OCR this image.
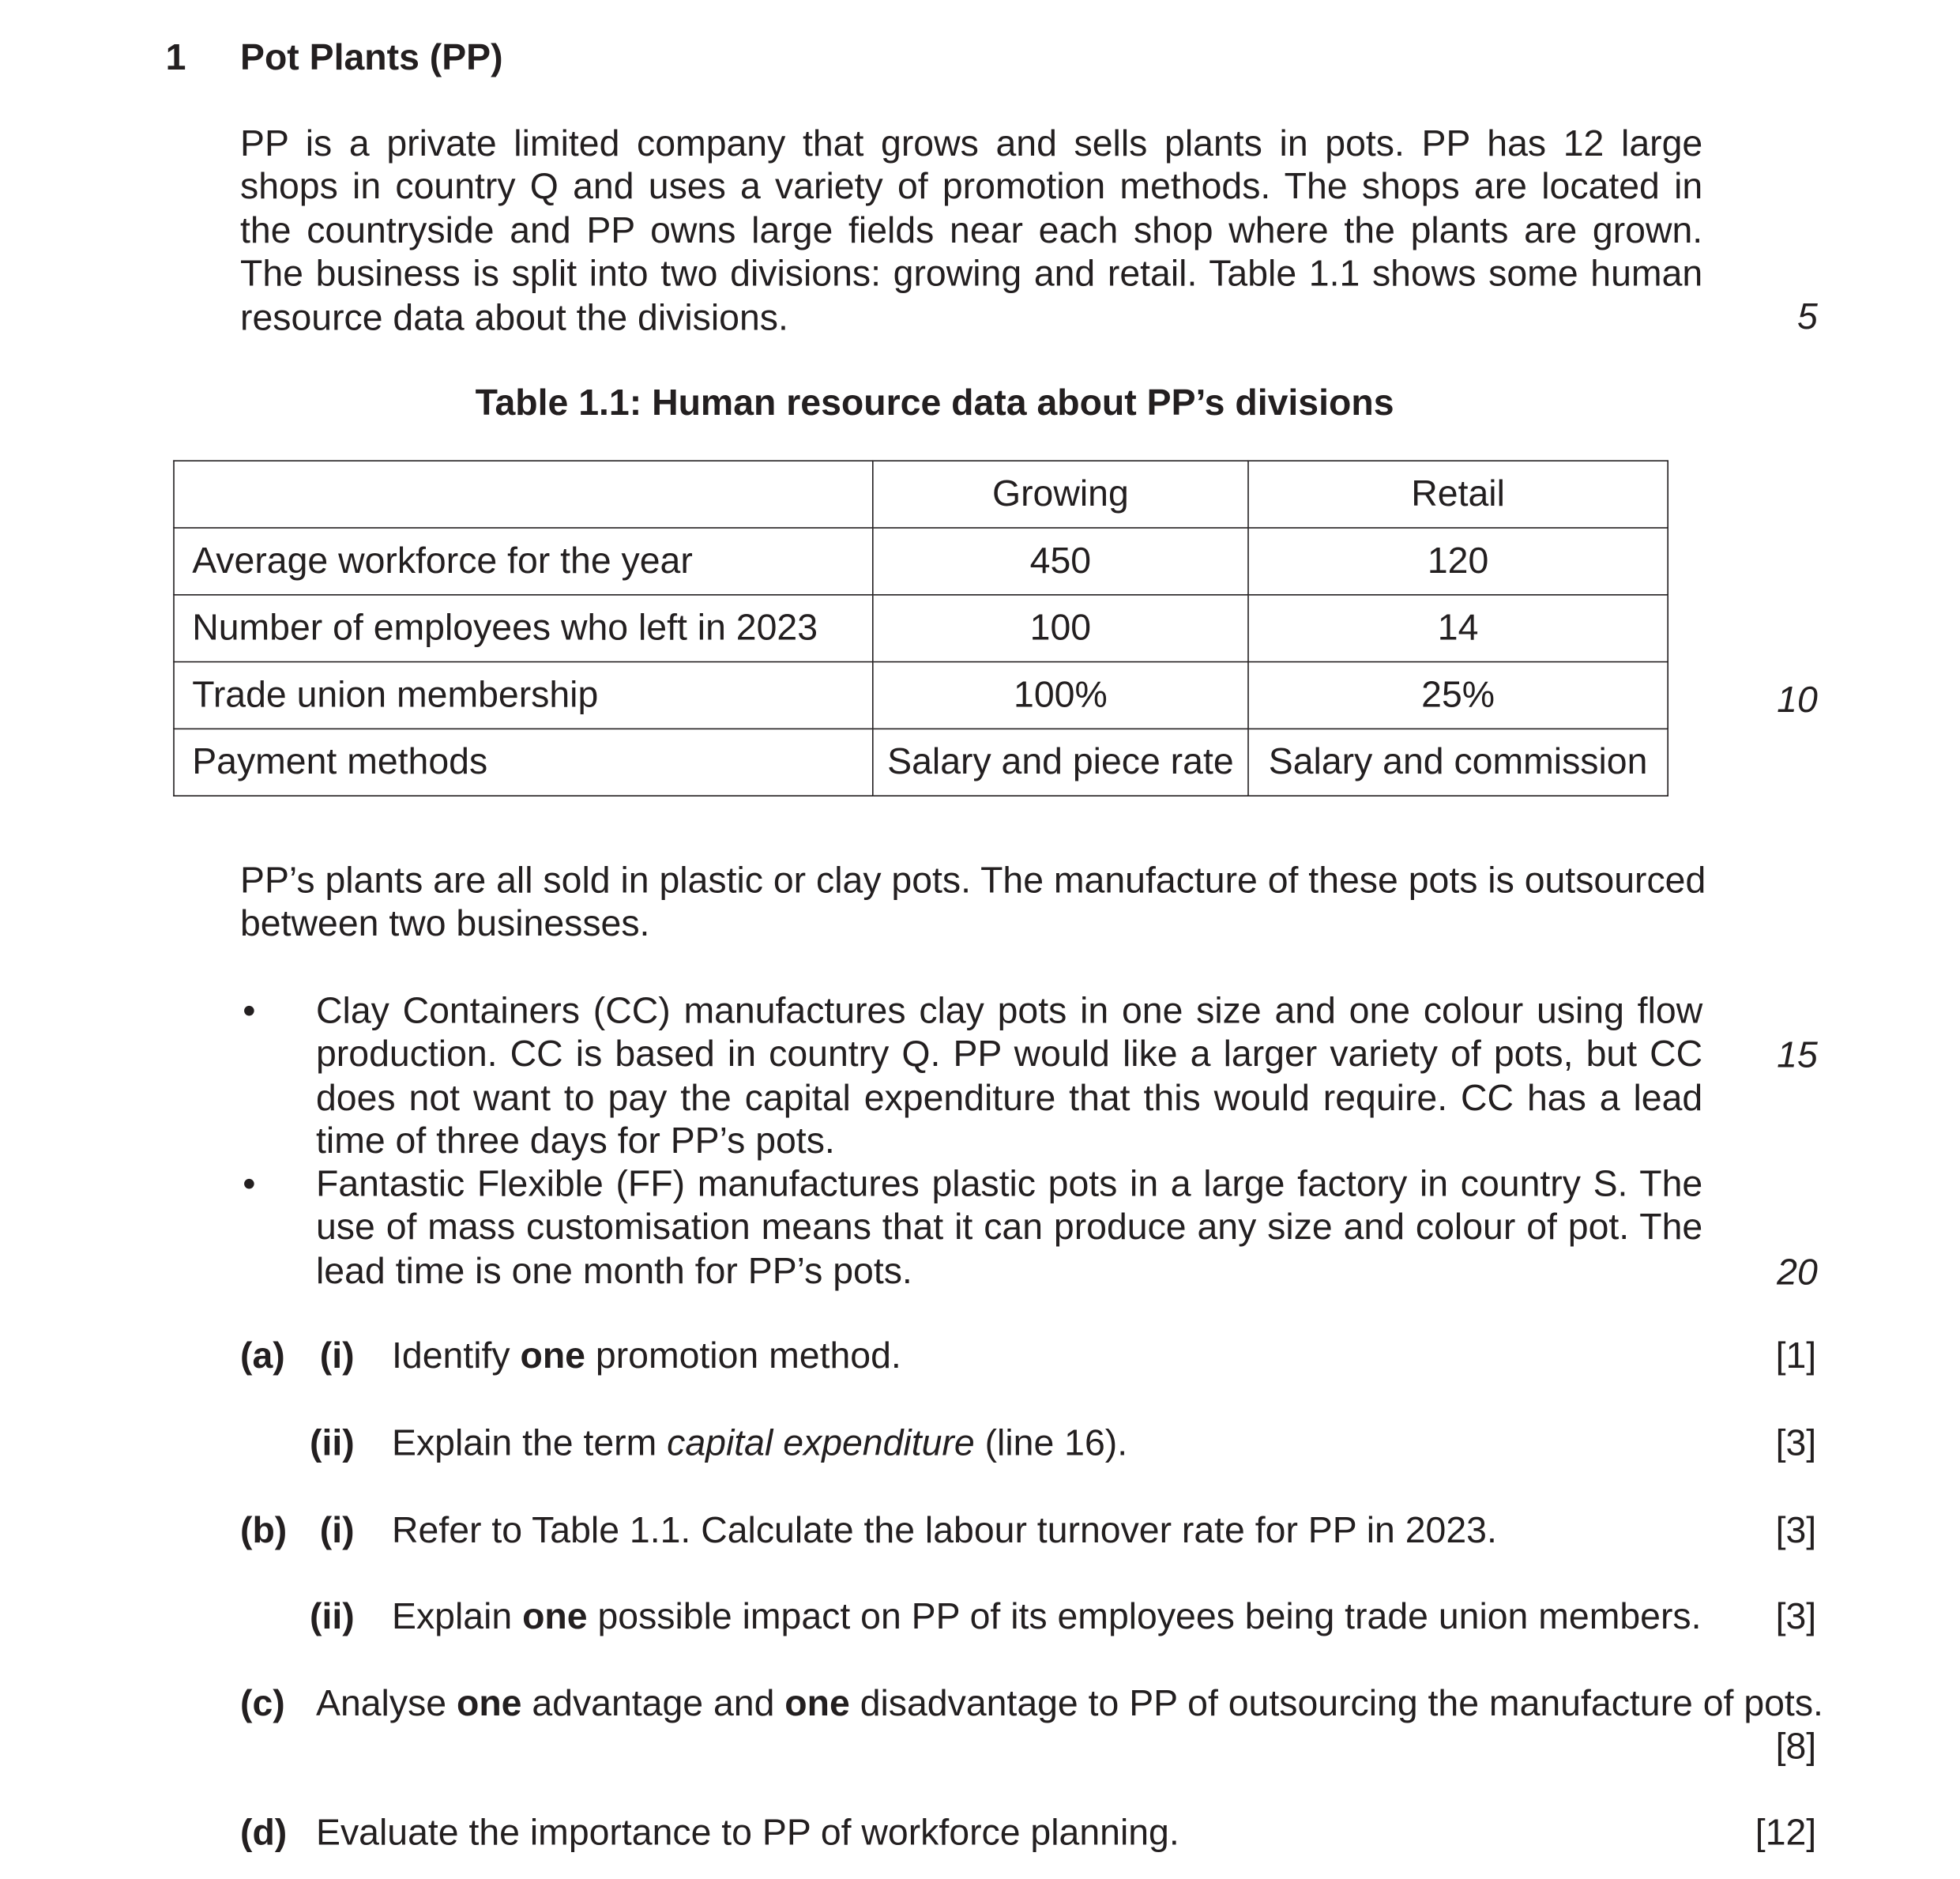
1 Pot Plants (PP)
PP is a private limited company that grows and sells plants in pots. PP has 12 large
shops in country Q and uses a variety of promotion methods. The shops are located in
the countryside and PP owns large fields near each shop where the plants are grown.
The business is split into two divisions: growing and retail. Table 1.1 shows some human
resource data about the divisions.	5
10
15
20
Table 1.1: Human resource data about PP’s divisions
	Growing	Retail
Average workforce for the year	450	120
Number of employees who left in 2023	100	14
Trade union membership	100%	25%
Payment methods	Salary and piece rate	Salary and commission
PP’s plants are all sold in plastic or clay pots. The manufacture of these pots is outsourced
between two businesses.
•	Clay Containers (CC) manufactures clay pots in one size and one colour using flow
production. CC is based in country Q. PP would like a larger variety of pots, but CC
does not want to pay the capital expenditure that this would require. CC has a lead
time of three days for PP’s pots.
•	Fantastic Flexible (FF) manufactures plastic pots in a large factory in country S. The
use of mass customisation means that it can produce any size and colour of pot. The
lead time is one month for PP’s pots.
(a) (i) Identify one promotion method.	[1]
(ii) Explain the term capital expenditure (line 16).	[3]
(b) (i) Refer to Table 1.1. Calculate the labour turnover rate for PP in 2023.	[3]
(ii) Explain one possible impact on PP of its employees being trade union members.	[3]
(c) Analyse one advantage and one disadvantage to PP of outsourcing the manufacture of pots.
[8]
(d) Evaluate the importance to PP of workforce planning.	[12]
